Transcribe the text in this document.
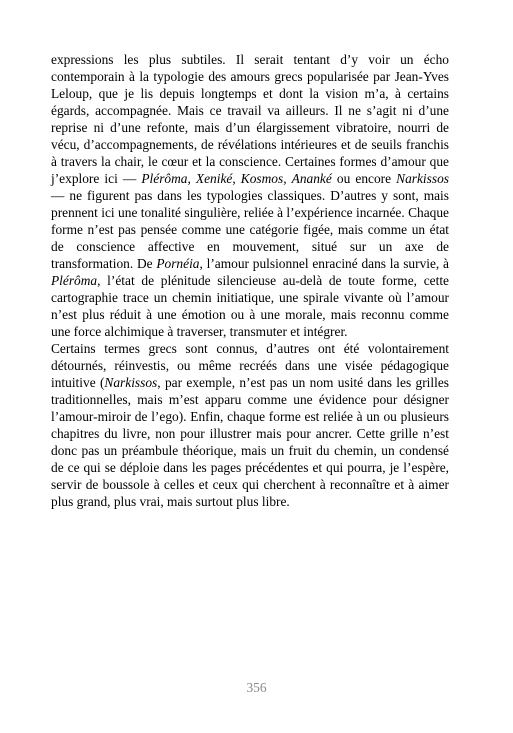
expressions les plus subtiles. Il serait tentant d’y voir un écho contemporain à la typologie des amours grecs popularisée par Jean-Yves Leloup, que je lis depuis longtemps et dont la vision m’a, à certains égards, accompagnée. Mais ce travail va ailleurs. Il ne s’agit ni d’une reprise ni d’une refonte, mais d’un élargissement vibratoire, nourri de vécu, d’accompagnements, de révélations intérieures et de seuils franchis à travers la chair, le cœur et la conscience. Certaines formes d’amour que j’explore ici — Plérôma, Xeniké, Kosmos, Ananké ou encore Narkissos — ne figurent pas dans les typologies classiques. D’autres y sont, mais prennent ici une tonalité singulière, reliée à l’expérience incarnée. Chaque forme n’est pas pensée comme une catégorie figée, mais comme un état de conscience affective en mouvement, situé sur un axe de transformation. De Pornéia, l’amour pulsionnel enraciné dans la survie, à Plérôma, l’état de plénitude silencieuse au-delà de toute forme, cette cartographie trace un chemin initiatique, une spirale vivante où l’amour n’est plus réduit à une émotion ou à une morale, mais reconnu comme une force alchimique à traverser, transmuter et intégrer.

Certains termes grecs sont connus, d’autres ont été volontairement détournés, réinvestis, ou même recréés dans une visée pédagogique intuitive (Narkissos, par exemple, n’est pas un nom usité dans les grilles traditionnelles, mais m’est apparu comme une évidence pour désigner l’amour-miroir de l’ego). Enfin, chaque forme est reliée à un ou plusieurs chapitres du livre, non pour illustrer mais pour ancrer. Cette grille n’est donc pas un préambule théorique, mais un fruit du chemin, un condensé de ce qui se déploie dans les pages précédentes et qui pourra, je l’espère, servir de boussole à celles et ceux qui cherchent à reconnaître et à aimer plus grand, plus vrai, mais surtout plus libre.

356
